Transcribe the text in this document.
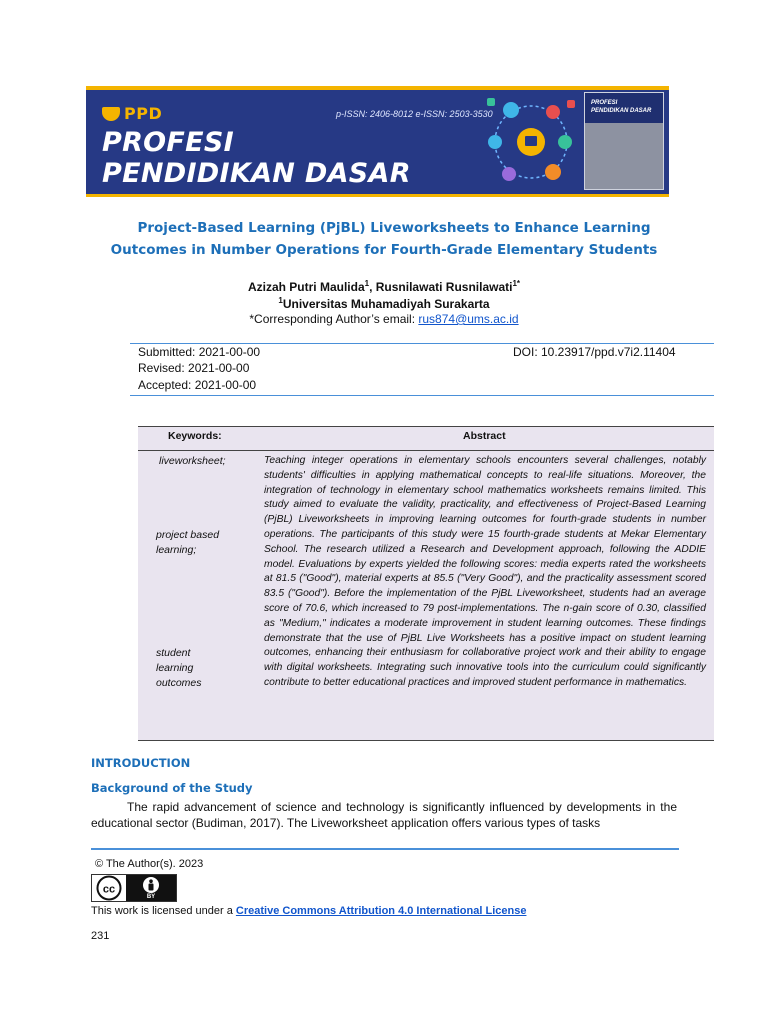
PPD	p-ISSN: 2406-8012 e-ISSN: 2503-3530
PROFESI
PENDIDIKAN DASAR
PROFESI
PENDIDIKAN DASAR
Project-Based Learning (PjBL) Liveworksheets to Enhance Learning
Outcomes in Number Operations for Fourth-Grade Elementary Students
Azizah Putri Maulida$^1$, Rusnilawati Rusnilawati$^{1*}$
$^1$Universitas Muhamadiyah Surakarta
*Corresponding Author’s email: rus874@ums.ac.id
Submitted: 2021-00-00	DOI: 10.23917/ppd.v7i2.11404
Revised: 2021-00-00
Accepted: 2021-00-00
Keywords:	Abstract
liveworksheet;
project based
learning;
student
learning
outcomes
Teaching integer operations in elementary schools encounters several challenges, notably students' difficulties in applying mathematical concepts to real-life situations. Moreover, the integration of technology in elementary school mathematics worksheets remains limited. This study aimed to evaluate the validity, practicality, and effectiveness of Project-Based Learning (PjBL) Liveworksheets in improving learning outcomes for fourth-grade students in number operations. The participants of this study were 15 fourth-grade students at Mekar Elementary School. The research utilized a Research and Development approach, following the ADDIE model. Evaluations by experts yielded the following scores: media experts rated the worksheets at 81.5 ("Good"), material experts at 85.5 ("Very Good"), and the practicality assessment scored 83.5 ("Good"). Before the implementation of the PjBL Liveworksheet, students had an average score of 70.6, which increased to 79 post-implementations. The n-gain score of 0.30, classified as "Medium," indicates a moderate improvement in student learning outcomes. These findings demonstrate that the use of PjBL Live Worksheets has a positive impact on student learning outcomes, enhancing their enthusiasm for collaborative project work and their ability to engage with digital worksheets. Integrating such innovative tools into the curriculum could significantly contribute to better educational practices and improved student performance in mathematics.
INTRODUCTION
Background of the Study
The rapid advancement of science and technology is significantly influenced by developments in the educational sector (Budiman, 2017). The Liveworksheet application offers various types of tasks
© The Author(s). 2023
cc
BY
This work is licensed under a Creative Commons Attribution 4.0 International License
231
